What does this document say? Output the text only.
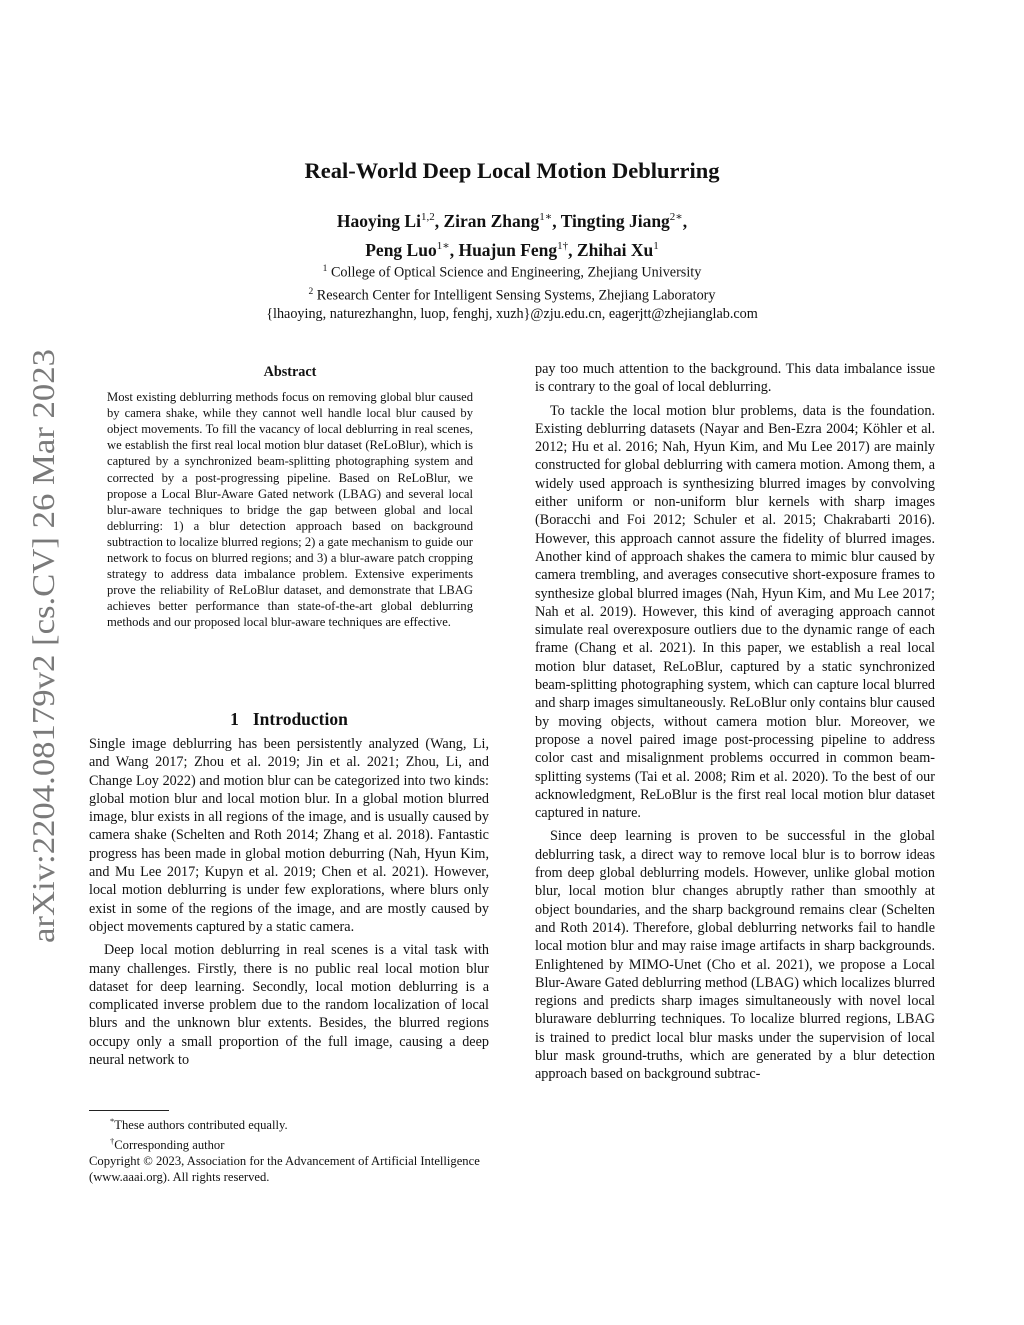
arXiv:2204.08179v2 [cs.CV] 26 Mar 2023
Real-World Deep Local Motion Deblurring
Haoying Li$^{1,2}$, Ziran Zhang$^{1∗}$, Tingting Jiang$^{2∗}$,
Peng Luo$^{1∗}$, Huajun Feng$^{1\dagger}$, Zhihai Xu$^1$
$^1$ College of Optical Science and Engineering, Zhejiang University
$^2$ Research Center for Intelligent Sensing Systems, Zhejiang Laboratory
{lhaoying, naturezhanghn, luop, fenghj, xuzh}@zju.edu.cn, eagerjtt@zhejianglab.com
Abstract
Most existing deblurring methods focus on removing global blur caused by camera shake, while they cannot well handle local blur caused by object movements. To fill the vacancy of local deblurring in real scenes, we establish the first real local motion blur dataset (ReLoBlur), which is captured by a synchronized beam-splitting photographing system and corrected by a post-progressing pipeline. Based on ReLoBlur, we propose a Local Blur-Aware Gated network (LBAG) and several local blur-aware techniques to bridge the gap between global and local deblurring: 1) a blur detection approach based on background subtraction to localize blurred regions; 2) a gate mechanism to guide our network to focus on blurred regions; and 3) a blur-aware patch cropping strategy to address data imbalance problem. Extensive experiments prove the reliability of ReLoBlur dataset, and demonstrate that LBAG achieves better performance than state-of-the-art global deblurring methods and our proposed local blur-aware techniques are effective.
1 Introduction

Single image deblurring has been persistently analyzed (Wang, Li, and Wang 2017; Zhou et al. 2019; Jin et al. 2021; Zhou, Li, and Change Loy 2022) and motion blur can be categorized into two kinds: global motion blur and local motion blur. In a global motion blurred image, blur exists in all regions of the image, and is usually caused by camera shake (Schelten and Roth 2014; Zhang et al. 2018). Fantastic progress has been made in global motion deburring (Nah, Hyun Kim, and Mu Lee 2017; Kupyn et al. 2019; Chen et al. 2021). However, local motion deblurring is under few explorations, where blurs only exist in some of the regions of the image, and are mostly caused by object movements captured by a static camera.

Deep local motion deblurring in real scenes is a vital task with many challenges. Firstly, there is no public real local motion blur dataset for deep learning. Secondly, local motion deblurring is a complicated inverse problem due to the random localization of local blurs and the unknown blur extents. Besides, the blurred regions occupy only a small proportion of the full image, causing a deep neural network to

*These authors contributed equally.
†Corresponding author
Copyright © 2023, Association for the Advancement of Artificial Intelligence (www.aaai.org). All rights reserved.

pay too much attention to the background. This data imbalance issue is contrary to the goal of local deblurring.

To tackle the local motion blur problems, data is the foundation. Existing deblurring datasets (Nayar and Ben-Ezra 2004; Köhler et al. 2012; Hu et al. 2016; Nah, Hyun Kim, and Mu Lee 2017) are mainly constructed for global deblurring with camera motion. Among them, a widely used approach is synthesizing blurred images by convolving either uniform or non-uniform blur kernels with sharp images (Boracchi and Foi 2012; Schuler et al. 2015; Chakrabarti 2016). However, this approach cannot assure the fidelity of blurred images. Another kind of approach shakes the camera to mimic blur caused by camera trembling, and averages consecutive short-exposure frames to synthesize global blurred images (Nah, Hyun Kim, and Mu Lee 2017; Nah et al. 2019). However, this kind of averaging approach cannot simulate real overexposure outliers due to the dynamic range of each frame (Chang et al. 2021). In this paper, we establish a real local motion blur dataset, ReLoBlur, captured by a static synchronized beam-splitting photographing system, which can capture local blurred and sharp images simultaneously. ReLoBlur only contains blur caused by moving objects, without camera motion blur. Moreover, we propose a novel paired image post-processing pipeline to address color cast and misalignment problems occurred in common beam-splitting systems (Tai et al. 2008; Rim et al. 2020). To the best of our acknowledgment, ReLoBlur is the first real local motion blur dataset captured in nature.

Since deep learning is proven to be successful in the global deblurring task, a direct way to remove local blur is to borrow ideas from deep global deblurring models. However, unlike global motion blur, local motion blur changes abruptly rather than smoothly at object boundaries, and the sharp background remains clear (Schelten and Roth 2014). Therefore, global deblurring networks fail to handle local motion blur and may raise image artifacts in sharp backgrounds. Enlightened by MIMO-Unet (Cho et al. 2021), we propose a Local Blur-Aware Gated deblurring method (LBAG) which localizes blurred regions and predicts sharp images simultaneously with novel local bluraware deblurring techniques. To localize blurred regions, LBAG is trained to predict local blur masks under the supervision of local blur mask ground-truths, which are generated by a blur detection approach based on background subtrac-
